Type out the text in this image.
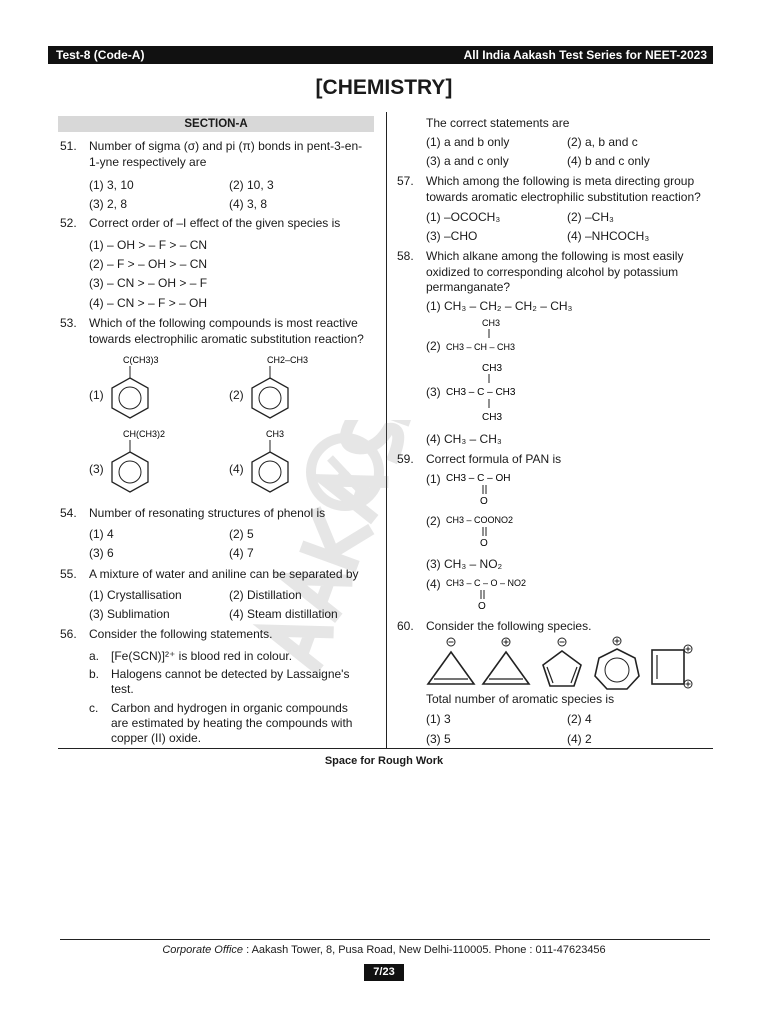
Test-8 (Code-A)	All India Aakash Test Series for NEET-2023
[CHEMISTRY]
SECTION-A
51. Number of sigma (σ) and pi (π) bonds in pent-3-en-
1-yne respectively are
(1) 3, 10	(2) 10, 3
(3) 2, 8	(4) 3, 8
52. Correct order of –I effect of the given species is
(1) – OH > – F > – CN
(2) – F > – OH > – CN
(3) – CN > – OH > – F
(4) – CN > – F > – OH
53. Which of the following compounds is most reactive
towards electrophilic aromatic substitution reaction?
(1)
C(CH3)3
(2)
CH2–CH3
(3)
CH(CH3)2
(4)
CH3
54. Number of resonating structures of phenol is
(1) 4	(2) 5
(3) 6	(4) 7
55. A mixture of water and aniline can be separated by
(1) Crystallisation	(2) Distillation
(3) Sublimation	(4) Steam distillation
56. Consider the following statements.
a. [Fe(SCN)]²⁺ is blood red in colour.
b. Halogens cannot be detected by Lassaigne's
test.
c. Carbon and hydrogen in organic compounds
are estimated by heating the compounds with
copper (II) oxide.
The correct statements are
(1) a and b only	(2) a, b and c
(3) a and c only	(4) b and c only
57. Which among the following is meta directing group
towards aromatic electrophilic substitution reaction?
(1) –OCOCH₃	(2) –CH₃
(3) –CHO	(4) –NHCOCH₃
58. Which alkane among the following is most easily
oxidized to corresponding alcohol by potassium
permanganate?
(1) CH₃ – CH₂ – CH₂ – CH₃
(2)
CH3
CH3 – CH – CH3
(3)
CH3
CH3 – C – CH3
CH3
(4) CH₃ – CH₃
59. Correct formula of PAN is
(1) CH3 – C – OH
O
(2) CH3 – COONO2
O
(3) CH₃ – NO₂
(4) CH3 – C – O – NO2
O
60. Consider the following species.
Total number of aromatic species is
(1) 3	(2) 4
(3) 5	(4) 2
Space for Rough Work
Corporate Office : Aakash Tower, 8, Pusa Road, New Delhi-110005. Phone : 011-47623456
7/23
